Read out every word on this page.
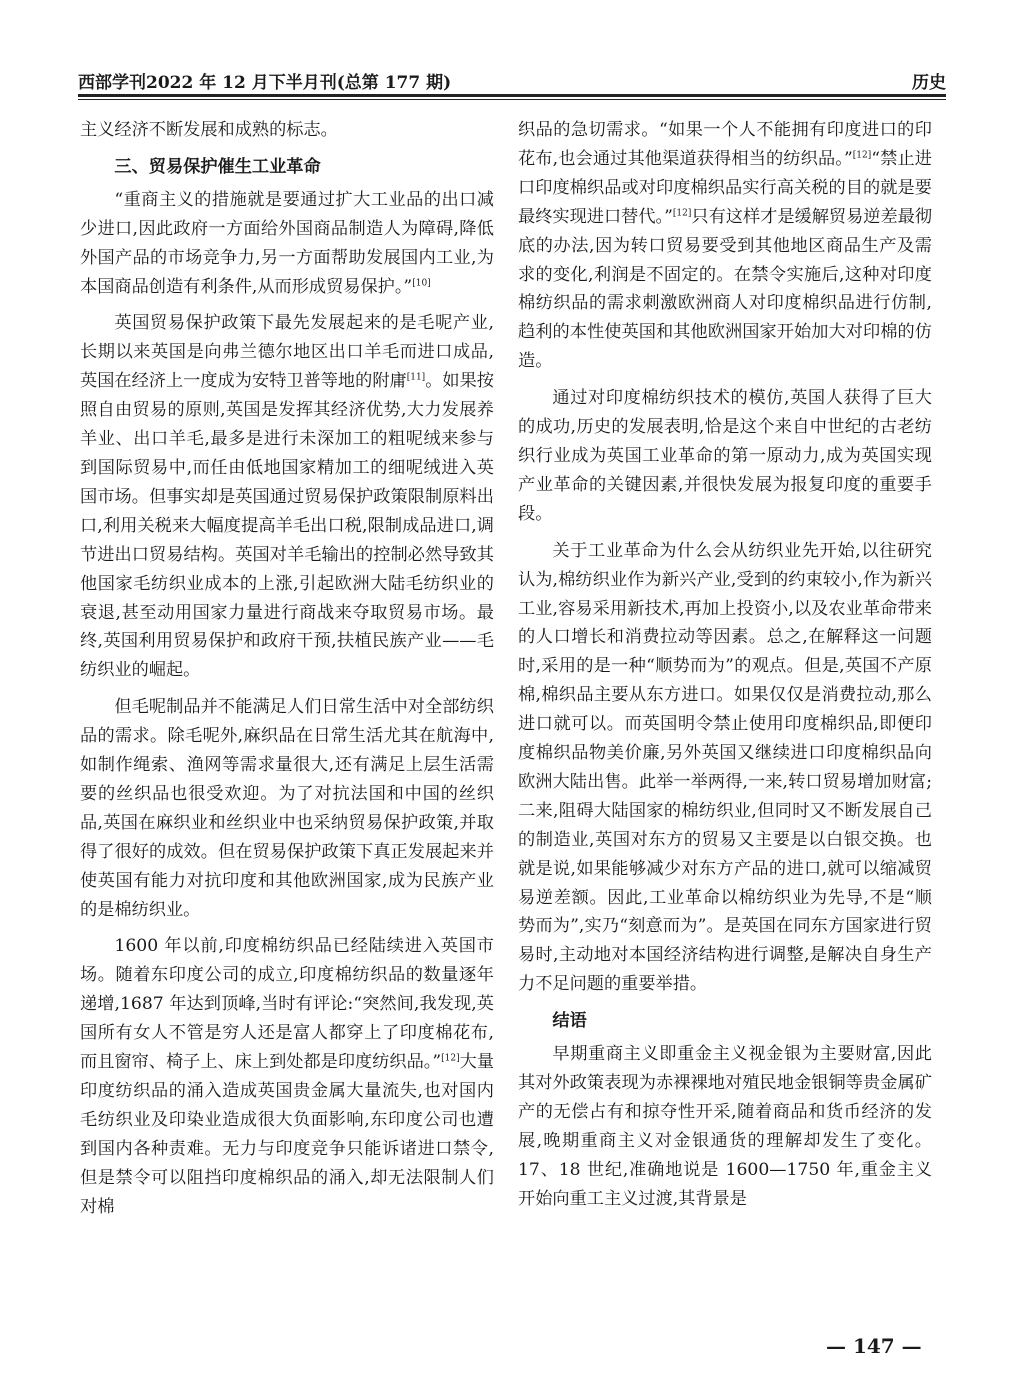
西部学刊2022 年 12 月下半月刊(总第 177 期)	历史

主义经济不断发展和成熟的标志。

三、贸易保护催生工业革命

“重商主义的措施就是要通过扩大工业品的出口减少进口,因此政府一方面给外国商品制造人为障碍,降低外国产品的市场竞争力,另一方面帮助发展国内工业,为本国商品创造有利条件,从而形成贸易保护。”[10]

英国贸易保护政策下最先发展起来的是毛呢产业,长期以来英国是向弗兰德尔地区出口羊毛而进口成品,英国在经济上一度成为安特卫普等地的附庸[11]。如果按照自由贸易的原则,英国是发挥其经济优势,大力发展养羊业、出口羊毛,最多是进行未深加工的粗呢绒来参与到国际贸易中,而任由低地国家精加工的细呢绒进入英国市场。但事实却是英国通过贸易保护政策限制原料出口,利用关税来大幅度提高羊毛出口税,限制成品进口,调节进出口贸易结构。英国对羊毛输出的控制必然导致其他国家毛纺织业成本的上涨,引起欧洲大陆毛纺织业的衰退,甚至动用国家力量进行商战来夺取贸易市场。最终,英国利用贸易保护和政府干预,扶植民族产业——毛纺织业的崛起。

但毛呢制品并不能满足人们日常生活中对全部纺织品的需求。除毛呢外,麻织品在日常生活尤其在航海中,如制作绳索、渔网等需求量很大,还有满足上层生活需要的丝织品也很受欢迎。为了对抗法国和中国的丝织品,英国在麻织业和丝织业中也采纳贸易保护政策,并取得了很好的成效。但在贸易保护政策下真正发展起来并使英国有能力对抗印度和其他欧洲国家,成为民族产业的是棉纺织业。

1600 年以前,印度棉纺织品已经陆续进入英国市场。随着东印度公司的成立,印度棉纺织品的数量逐年递增,1687 年达到顶峰,当时有评论:“突然间,我发现,英国所有女人不管是穷人还是富人都穿上了印度棉花布,而且窗帘、椅子上、床上到处都是印度纺织品。”[12]大量印度纺织品的涌入造成英国贵金属大量流失,也对国内毛纺织业及印染业造成很大负面影响,东印度公司也遭到国内各种责难。无力与印度竞争只能诉诸进口禁令,但是禁令可以阻挡印度棉织品的涌入,却无法限制人们对棉

织品的急切需求。“如果一个人不能拥有印度进口的印花布,也会通过其他渠道获得相当的纺织品。”[12]“禁止进口印度棉织品或对印度棉织品实行高关税的目的就是要最终实现进口替代。”[12]只有这样才是缓解贸易逆差最彻底的办法,因为转口贸易要受到其他地区商品生产及需求的变化,利润是不固定的。在禁令实施后,这种对印度棉纺织品的需求刺激欧洲商人对印度棉织品进行仿制,趋利的本性使英国和其他欧洲国家开始加大对印棉的仿造。

通过对印度棉纺织技术的模仿,英国人获得了巨大的成功,历史的发展表明,恰是这个来自中世纪的古老纺织行业成为英国工业革命的第一原动力,成为英国实现产业革命的关键因素,并很快发展为报复印度的重要手段。

关于工业革命为什么会从纺织业先开始,以往研究认为,棉纺织业作为新兴产业,受到的约束较小,作为新兴工业,容易采用新技术,再加上投资小,以及农业革命带来的人口增长和消费拉动等因素。总之,在解释这一问题时,采用的是一种“顺势而为”的观点。但是,英国不产原棉,棉织品主要从东方进口。如果仅仅是消费拉动,那么进口就可以。而英国明令禁止使用印度棉织品,即便印度棉织品物美价廉,另外英国又继续进口印度棉织品向欧洲大陆出售。此举一举两得,一来,转口贸易增加财富;二来,阻碍大陆国家的棉纺织业,但同时又不断发展自己的制造业,英国对东方的贸易又主要是以白银交换。也就是说,如果能够减少对东方产品的进口,就可以缩减贸易逆差额。因此,工业革命以棉纺织业为先导,不是“顺势而为”,实乃“刻意而为”。是英国在同东方国家进行贸易时,主动地对本国经济结构进行调整,是解决自身生产力不足问题的重要举措。

结语

早期重商主义即重金主义视金银为主要财富,因此其对外政策表现为赤裸裸地对殖民地金银铜等贵金属矿产的无偿占有和掠夺性开采,随着商品和货币经济的发展,晚期重商主义对金银通货的理解却发生了变化。17、18 世纪,准确地说是 1600—1750 年,重金主义开始向重工主义过渡,其背景是

— 147 —
